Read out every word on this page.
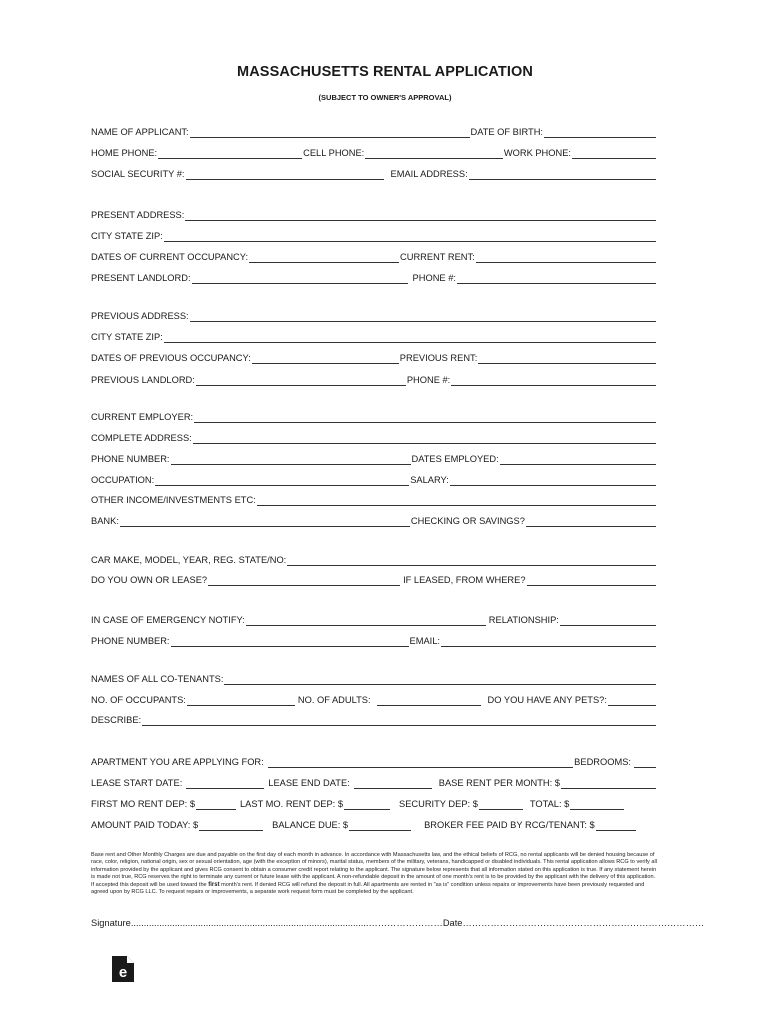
MASSACHUSETTS RENTAL APPLICATION
(SUBJECT TO OWNER'S APPROVAL)
NAME OF APPLICANT:	DATE OF BIRTH:
HOME PHONE:	CELL PHONE:	WORK PHONE:
SOCIAL SECURITY #:	EMAIL ADDRESS:
PRESENT ADDRESS:
CITY STATE ZIP:
DATES OF CURRENT OCCUPANCY:	CURRENT RENT:
PRESENT LANDLORD:	PHONE #:
PREVIOUS ADDRESS:
CITY STATE ZIP:
DATES OF PREVIOUS OCCUPANCY:	PREVIOUS RENT:
PREVIOUS LANDLORD:	PHONE #:
CURRENT EMPLOYER:
COMPLETE ADDRESS:
PHONE NUMBER:	DATES EMPLOYED:
OCCUPATION:	SALARY:
OTHER INCOME/INVESTMENTS ETC:
BANK:	CHECKING OR SAVINGS?
CAR MAKE, MODEL, YEAR, REG. STATE/NO:
DO YOU OWN OR LEASE?	IF LEASED, FROM WHERE?
IN CASE OF EMERGENCY NOTIFY:	RELATIONSHIP:
PHONE NUMBER:	EMAIL:
NAMES OF ALL CO-TENANTS:
NO. OF OCCUPANTS:	NO. OF ADULTS:	DO YOU HAVE ANY PETS?:
DESCRIBE:
APARTMENT YOU ARE APPLYING FOR:	BEDROOMS:
LEASE START DATE:	LEASE END DATE:	BASE RENT PER MONTH: $
FIRST MO RENT DEP: $	LAST MO. RENT DEP: $	SECURITY DEP: $	TOTAL: $
AMOUNT PAID TODAY: $	BALANCE DUE: $	BROKER FEE PAID BY RCG/TENANT: $
Base rent and Other Monthly Charges are due and payable on the first day of each month in advance. In accordance with Massachusetts law, and the ethical beliefs of RCG, no rental applicants will be denied housing because of race, color, religion, national origin, sex or sexual orientation, age (with the exception of minors), marital status, members of the military, veterans, handicapped or disabled individuals. This rental application allows RCG to verify all information provided by the applicant and gives RCG consent to obtain a consumer credit report relating to the applicant. The signature below represents that all information stated on this application is true. If any statement herein is made not true, RCG reserves the right to terminate any current or future lease with the applicant. A non-refundable deposit in the amount of one month's rent is to be provided by the applicant with the delivery of this application. If accepted this deposit will be used toward the first month's rent. If denied RCG will refund the deposit in full. All apartments are rented in "as is" condition unless repairs or improvements have been previously requested and agreed upon by RCG LLC. To request repairs or improvements, a separate work request form must be completed by the applicant.
Signature............................................................................................……………………Date……………………………………………………………………
e
